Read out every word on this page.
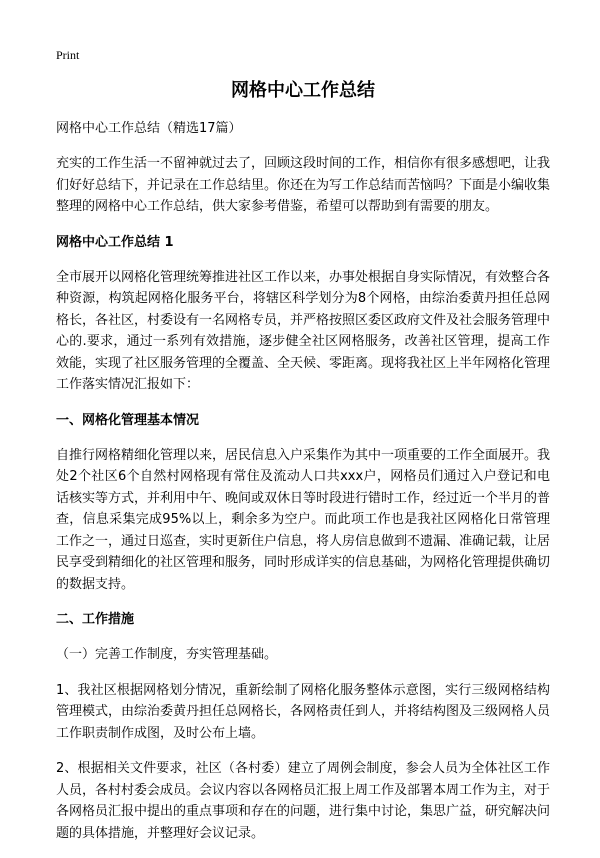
Print
网格中心工作总结
网格中心工作总结（精选17篇）

充实的工作生活一不留神就过去了，回顾这段时间的工作，相信你有很多感想吧，让我们好好总结下，并记录在工作总结里。你还在为写工作总结而苦恼吗？下面是小编收集整理的网格中心工作总结，供大家参考借鉴，希望可以帮助到有需要的朋友。

网格中心工作总结 1

全市展开以网格化管理统筹推进社区工作以来，办事处根据自身实际情况，有效整合各种资源，构筑起网格化服务平台，将辖区科学划分为8个网格，由综治委黄丹担任总网格长，各社区，村委设有一名网格专员，并严格按照区委区政府文件及社会服务管理中心的.要求，通过一系列有效措施，逐步健全社区网格服务，改善社区管理，提高工作效能，实现了社区服务管理的全覆盖、全天候、零距离。现将我社区上半年网格化管理工作落实情况汇报如下：

一、网格化管理基本情况

自推行网格精细化管理以来，居民信息入户采集作为其中一项重要的工作全面展开。我处2个社区6个自然村网格现有常住及流动人口共xxx户，网格员们通过入户登记和电话核实等方式，并利用中午、晚间或双休日等时段进行错时工作，经过近一个半月的普查，信息采集完成95%以上，剩余多为空户。而此项工作也是我社区网格化日常管理工作之一，通过日巡查，实时更新住户信息，将人房信息做到不遗漏、准确记载，让居民享受到精细化的社区管理和服务，同时形成详实的信息基础，为网格化管理提供确切的数据支持。

二、工作措施

（一）完善工作制度，夯实管理基础。

1、我社区根据网格划分情况，重新绘制了网格化服务整体示意图，实行三级网格结构管理模式，由综治委黄丹担任总网格长，各网格责任到人，并将结构图及三级网格人员工作职责制作成图，及时公布上墙。

2、根据相关文件要求，社区（各村委）建立了周例会制度，参会人员为全体社区工作人员，各村村委会成员。会议内容以各网格员汇报上周工作及部署本周工作为主，对于各网格员汇报中提出的重点事项和存在的问题，进行集中讨论，集思广益，研究解决问题的具体措施，并整理好会议记录。
